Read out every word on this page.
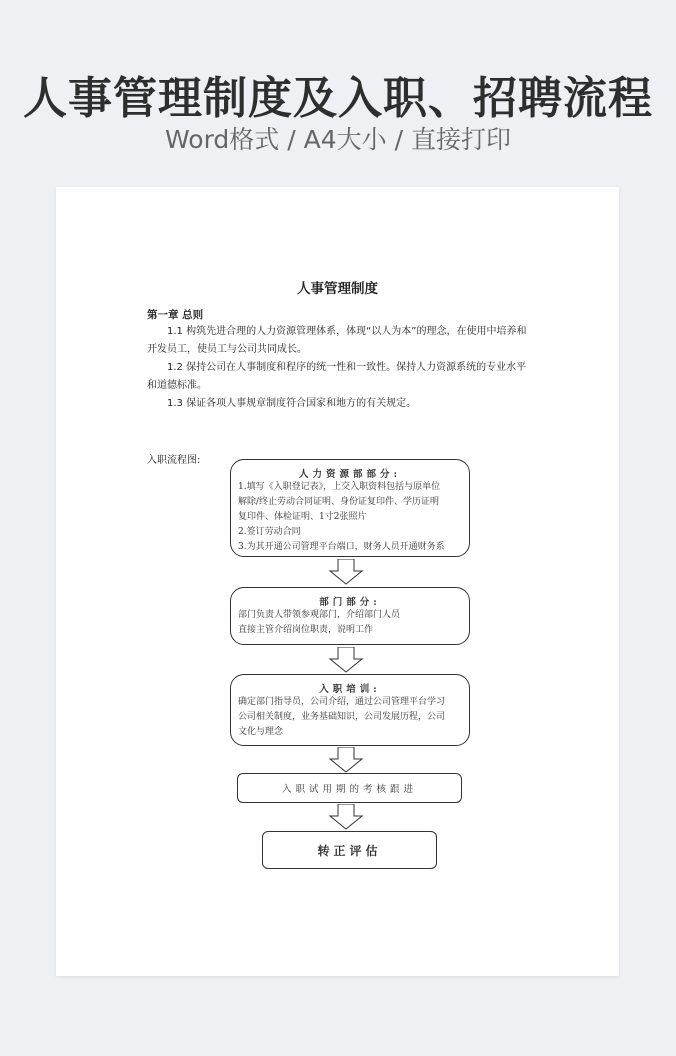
人事管理制度及入职、招聘流程
Word格式 / A4大小 / 直接打印
人事管理制度
第一章 总则

1.1 构筑先进合理的人力资源管理体系，体现“以人为本”的理念，在使用中培养和开发员工，使员工与公司共同成长。

1.2 保持公司在人事制度和程序的统一性和一致性。保持人力资源系统的专业水平和道德标准。

1.3 保证各项人事规章制度符合国家和地方的有关规定。

入职流程图:
人力资源部部分:
1.填写《入职登记表》，上交入职资料包括与原单位
解除/终止劳动合同证明、身份证复印件、学历证明
复印件、体检证明、1寸2张照片
2.签订劳动合同
3.为其开通公司管理平台端口，财务人员开通财务系
部门部分:
部门负责人带领参观部门，介绍部门人员
直接主管介绍岗位职责，说明工作
入职培训:
确定部门指导员，公司介绍，通过公司管理平台学习
公司相关制度，业务基础知识，公司发展历程，公司
文化与理念
入职试用期的考核跟进
转正评估
